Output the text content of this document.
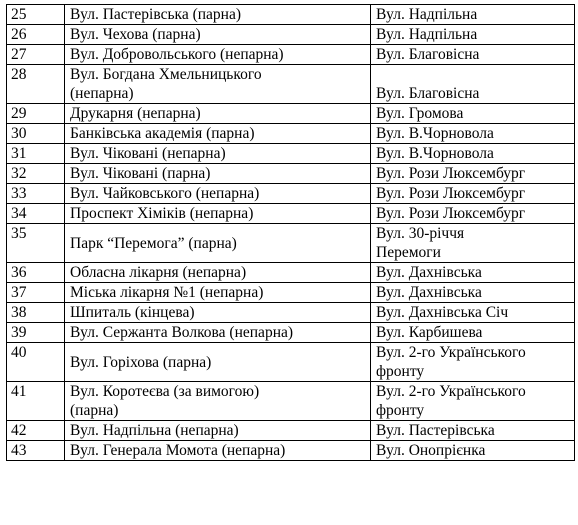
25	Вул. Пастерівська (парна)	Вул. Надпільна

26	Вул. Чехова (парна)	Вул. Надпільна

27	Вул. Добровольського (непарна)	Вул. Благовісна

28	Вул. Богдана Хмельницького
(непарна)	Вул. Благовісна

29	Друкарня (непарна)	Вул. Громова

30	Банківська академія (парна)	Вул. В.Чорновола

31	Вул. Чіковані (непарна)	Вул. В.Чорновола

32	Вул. Чіковані (парна)	Вул. Рози Люксембург

33	Вул. Чайковського (непарна)	Вул. Рози Люксембург

34	Проспект Хіміків (непарна)	Вул. Рози Люксембург

35	Парк “Перемога” (парна)	Вул. 30-річчя
Перемоги

36	Обласна лікарня (непарна)	Вул. Дахнівська

37	Міська лікарня №1 (непарна)	Вул. Дахнівська

38	Шпиталь (кінцева)	Вул. Дахнівська Січ

39	Вул. Сержанта Волкова (непарна)	Вул. Карбишева

40	Вул. Горіхова (парна)	Вул. 2-го Українського
фронту

41	Вул. Коротеєва (за вимогою)
(парна)	Вул. 2-го Українського
фронту

42	Вул. Надпільна (непарна)	Вул. Пастерівська

43	Вул. Генерала Момота (непарна)	Вул. Онопрієнка
